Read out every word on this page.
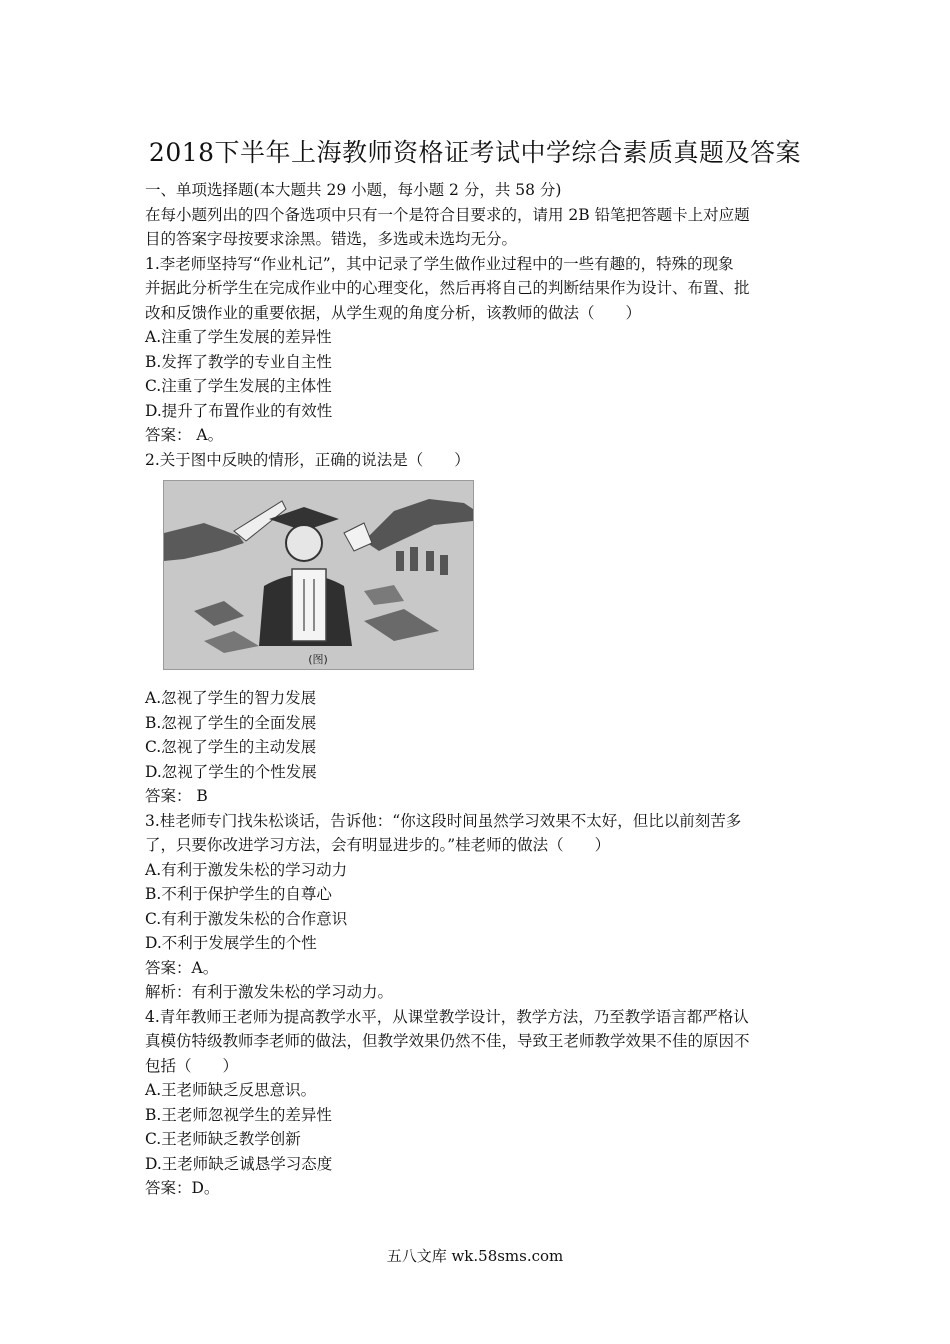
2018下半年上海教师资格证考试中学综合素质真题及答案
一、单项选择题(本大题共 29 小题，每小题 2 分，共 58 分)
在每小题列出的四个备选项中只有一个是符合目要求的，请用 2B 铅笔把答题卡上对应题
目的答案字母按要求涂黑。错选，多选或未选均无分。
1.李老师坚持写“作业札记”，其中记录了学生做作业过程中的一些有趣的，特殊的现象
并据此分析学生在完成作业中的心理变化，然后再将自己的判断结果作为设计、布置、批
改和反馈作业的重要依据，从学生观的角度分析，该教师的做法（　　）
A.注重了学生发展的差异性
B.发挥了教学的专业自主性
C.注重了学生发展的主体性
D.提升了布置作业的有效性
答案： A。
2.关于图中反映的情形，正确的说法是（　　）
(图)
A.忽视了学生的智力发展
B.忽视了学生的全面发展
C.忽视了学生的主动发展
D.忽视了学生的个性发展
答案： B
3.桂老师专门找朱松谈话，告诉他：“你这段时间虽然学习效果不太好，但比以前刻苦多
了，只要你改进学习方法，会有明显进步的。”桂老师的做法（　　）
A.有利于激发朱松的学习动力
B.不利于保护学生的自尊心
C.有利于激发朱松的合作意识
D.不利于发展学生的个性
答案：A。
解析：有利于激发朱松的学习动力。
4.青年教师王老师为提高教学水平，从课堂教学设计，教学方法，乃至教学语言都严格认
真模仿特级教师李老师的做法，但教学效果仍然不佳，导致王老师教学效果不佳的原因不
包括（　　）
A.王老师缺乏反思意识。
B.王老师忽视学生的差异性
C.王老师缺乏教学创新
D.王老师缺乏诚恳学习态度
答案：D。
五八文库 wk.58sms.com
